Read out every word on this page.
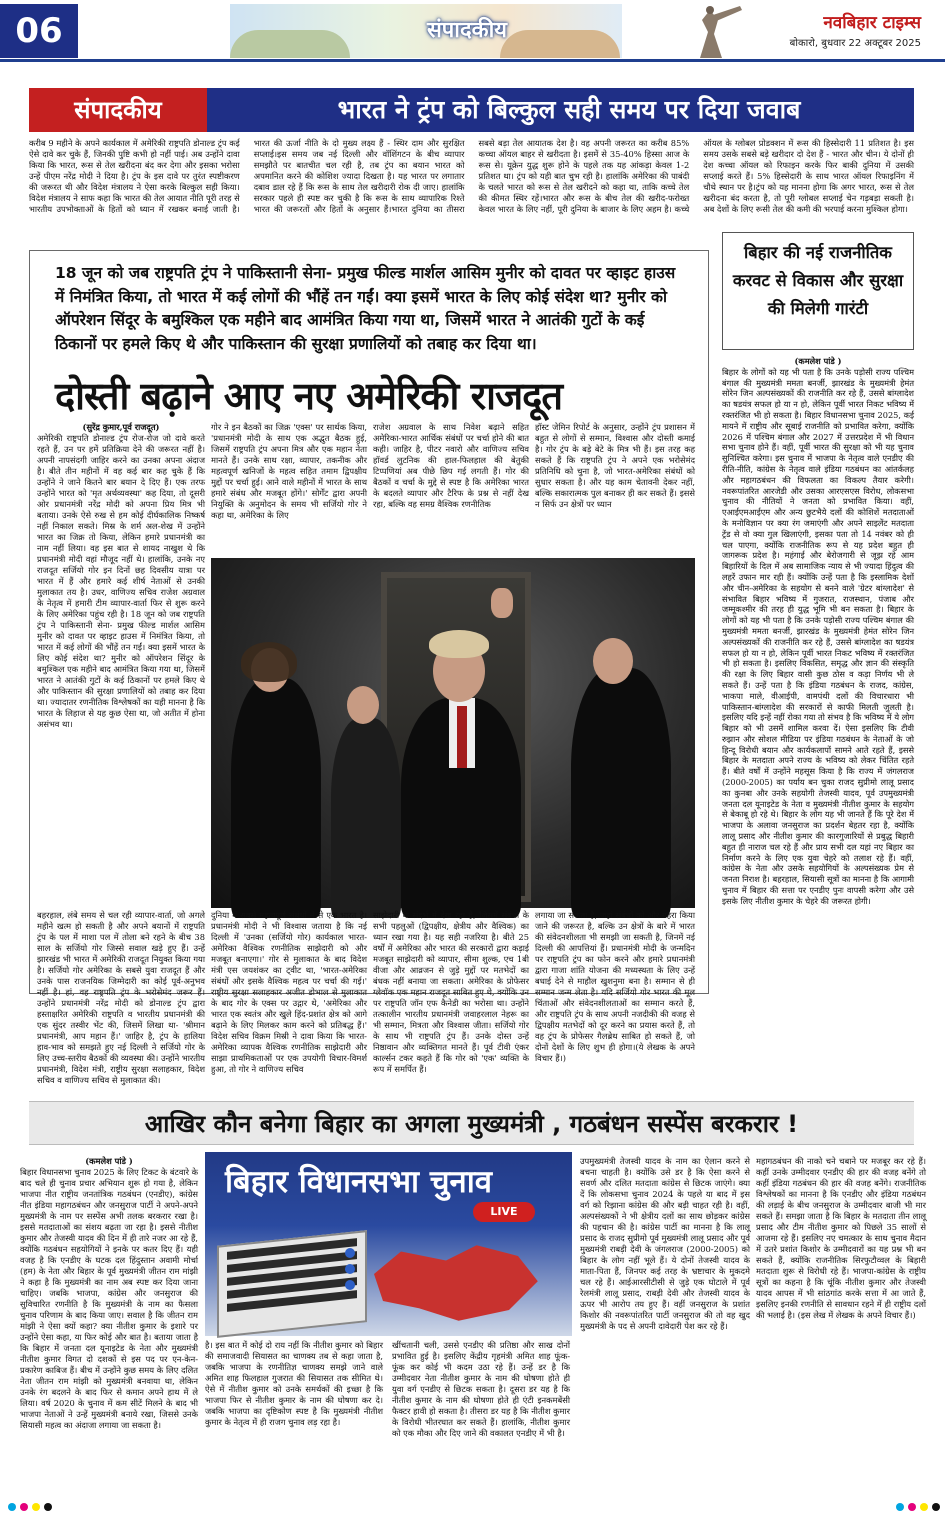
06	संपादकीय	नवबिहार टाइम्स
बोकारो, बुधवार 22 अक्टूबर 2025
संपादकीय	भारत ने ट्रंप को बिल्कुल सही समय पर दिया जवाब
करीब 9 महीने के अपने कार्यकाल में अमेरिकी राष्ट्रपति डोनाल्ड ट्रंप कई ऐसे दावे कर चुके हैं, जिनकी पुष्टि कभी हो नहीं पाई। अब उन्होंने दावा किया कि भारत, रूस से तेल खरीदना बंद कर देगा और इसका भरोसा उन्हें पीएम नरेंद्र मोदी ने दिया है। ट्रंप के इस दावे पर तुरंत स्पष्टीकरण की जरूरत थी और विदेश मंत्रालय ने ऐसा करके बिल्कुल सही किया।विदेश मंत्रालय ने साफ कहा कि भारत की तेल आयात नीति पूरी तरह से भारतीय उपभोक्ताओं के हितों को ध्यान में रखकर बनाई जाती है। भारत की ऊर्जा नीति के दो मुख्य लक्ष्य हैं - स्थिर दाम और सुरक्षित सप्लाई।इस समय जब नई दिल्ली और वॉशिंगटन के बीच व्यापार समझौते पर बातचीत चल रही है, तब ट्रंप का बयान भारत को अपमानित करने की कोशिश ज्यादा दिखता है। यह भारत पर लगातार दबाव डाल रहे हैं कि रूस के साथ तेल खरीदारी रोक दी जाए। हालांकि सरकार पहले ही स्पष्ट कर चुकी है कि रूस के साथ व्यापारिक रिश्ते भारत की जरूरतों और हितों के अनुसार हैं।भारत दुनिया का तीसरा सबसे बड़ा तेल आयातक देश है। वह अपनी जरूरत का करीब 85% कच्चा ऑयल बाहर से खरीदता है। इसमें से 35-40% हिस्सा आज के रूस से। यूक्रेन युद्ध शुरू होने के पहले तक यह आंकड़ा केवल 1-2 प्रतिशत था। ट्रंप को यही बात चुभ रही है। हालांकि अमेरिका की पाबंदी के चलते भारत को रूस से तेल खरीदने को कहा था, ताकि कच्चे तेल की कीमत स्थिर रहें।भारत और रूस के बीच तेल की खरीद-फरोख्त केवल भारत के लिए नहीं, पूरी दुनिया के बाजार के लिए अहम है। कच्चे ऑयल के ग्लोबल प्रोडक्शन में रूस की हिस्सेदारी 11 प्रतिशत है। इस समय उसके सबसे बड़े खरीदार दो देश हैं - भारत और चीन। ये दोनों ही देश कच्चा ऑयल को रिफाइन करके फिर बाकी दुनिया में उसकी सप्लाई करते हैं। 5% हिस्सेदारी के साथ भारत ऑयल रिफाइनिंग में चौथे स्थान पर है।ट्रंप को यह मानना होगा कि अगर भारत, रूस से तेल खरीदना बंद करता है, तो पूरी ग्लोबल सप्लाई चेन गड़बड़ा सकती है। अब देशों के लिए रूसी तेल की कमी की भरपाई करना मुश्किल होगा।
18 जून को जब राष्ट्रपति ट्रंप ने पाकिस्तानी सेना- प्रमुख फील्ड मार्शल आसिम मुनीर को दावत पर व्हाइट हाउस में निमंत्रित किया, तो भारत में कई लोगों की भौंहें तन गईं। क्या इसमें भारत के लिए कोई संदेश था? मुनीर को ऑपरेशन सिंदूर के बमुश्किल एक महीने बाद आमंत्रित किया गया था, जिसमें भारत ने आतंकी गुटों के कई ठिकानों पर हमले किए थे और पाकिस्तान की सुरक्षा प्रणालियों को तबाह कर दिया था।
दोस्ती बढ़ाने आए नए अमेरिकी राजदूत
(सुरेंद्र कुमार,पूर्व राजदूत)
अमेरिकी राष्ट्रपति डोनाल्ड ट्रंप रोज-रोज जो दावे करते रहते हैं, उन पर हमें प्रतिक्रिया देने की जरूरत नहीं है। अपनी नापसंदगी जाहिर करने का उनका अपना अंदाज है। बीते तीन महीनों में वह कई बार कह चुके हैं कि उन्होंने ने जाने कितने बार बयान दे दिए हैं। एक तरफ उन्होंने भारत को 'मृत अर्थव्यवस्था' कह दिया, तो दूसरी ओर प्रधानमंत्री नरेंद्र मोदी को अपना प्रिय मित्र भी बताया। उनके ऐसे रुख से हम कोई दीर्घकालिक निष्कर्ष नहीं निकाल सकते। मिस्र के शर्म अल-शेख में उन्होंने भारत का जिक्र तो किया, लेकिन हमारे प्रधानमंत्री का नाम नहीं लिया। वह इस बात से शायद नाखुश थे कि प्रधानमंत्री मोदी वहां मौजूद नहीं थे। हालांकि, उनके नए राजदूत सर्जियो गोर इन दिनों छह दिवसीय यात्रा पर भारत में हैं और हमारे कई शीर्ष नेताओं से उनकी मुलाकात तय है। उधर, वाणिज्य सचिव राजेश अग्रवाल के नेतृत्व में हमारी टीम व्यापार-वार्ता फिर से शुरू करने के लिए अमेरिका पहुंच रही है। 18 जून को जब राष्ट्रपति ट्रंप ने पाकिस्तानी सेना- प्रमुख फील्ड मार्शल आसिम मुनीर को दावत पर व्हाइट हाउस में निमंत्रित किया, तो भारत में कई लोगों की भौंहें तन गईं। क्या इसमें भारत के लिए कोई संदेश था? मुनीर को ऑपरेशन सिंदूर के बमुश्किल एक महीने बाद आमंत्रित किया गया था, जिसमें भारत ने आतंकी गुटों के कई ठिकानों पर हमले किए थे और पाकिस्तान की सुरक्षा प्रणालियों को तबाह कर दिया था। ज्यादातर रणनीतिक विश्लेषकों का यही मानना है कि भारत के लिहाज से यह कुछ ऐसा था, जो अतीत में होना असंभव था।
गोर ने इन बैठकों का जिक्र 'एक्स' पर सार्थक किया, 'प्रधानमंत्री मोदी के साथ एक अद्भुत बैठक हुई, जिसमें राष्ट्रपति ट्रंप अपना मित्र और एक महान नेता मानते हैं। उनके साथ रक्षा, व्यापार, तकनीक और महत्वपूर्ण खनिजों के महत्व सहित तमाम द्विपक्षीय मुद्दों पर चर्चा हुई। आने वाले महीनों में भारत के साथ हमारे संबंध और मजबूत होंगे।' सोर्गेंट द्वारा अपनी नियुक्ति के अनुमोदन के समय भी सर्जियो गोर ने कहा था, अमेरिका के लिए
राजेश अग्रवाल के साथ निवेश बढ़ाने सहित अमेरिका-भारत आर्थिक संबंधों पर चर्चा होने की बात कही। जाहिर है, पीटर नवारो और वाणिज्य सचिव हॉवर्ड लुटनिक की हाल-फिलहाल की बेतुकी टिप्पणियां अब पीछे छिप गई लगती हैं। गोर की बैठकों व चर्चा के मुद्दे से स्पष्ट है कि अमेरिका भारत के बदलते व्यापार और टैरिफ के प्रश्न से नहीं देख रहा, बल्कि वह समग्र वैश्विक रणनीतिक
हॉस्ट जेमिन रिपोर्ट के अनुसार, उन्होंने ट्रंप प्रशासन में बहुत से लोगों से सम्मान, विश्वास और दोस्ती कमाई है। गोर ट्रंप के बड़े बेटे के मित्र भी हैं। इस तरह कह सकते हैं कि राष्ट्रपति ट्रंप ने अपने एक भरोसेमंद प्रतिनिधि को चुना है, जो भारत-अमेरिका संबंधों को सुधार सकता है। और यह काम चेतावनी देकर नहीं, बल्कि सकारात्मक पुल बनाकर ही कर सकते हैं। इससे न सिर्फ उन क्षेत्रों पर ध्यान
बहरहाल, लंबे समय से चल रही व्यापार-वार्ता, जो अगले महीने खत्म हो सकती है और अपने बयानों में राष्ट्रपति ट्रंप के पल में माशा पल में तोला बने रहने के बीच 38 साल के सर्जियो गोर जिस्से सवाल खड़े हुए हैं। उन्हें झारखंड भी भारत में अमेरिकी राजदूत नियुक्त किया गया है। सर्जियो गोर अमेरिका के सबसे युवा राजदूत हैं और उनके पास राजनयिक जिम्मेदारी का कोई पूर्व-अनुभव नहीं है। हां, वह राष्ट्रपति ट्रंप के भरोसेमंद जरूर हैं। उन्होंने प्रधानमंत्री नरेंद्र मोदी को डोनाल्ड ट्रंप द्वारा हस्ताक्षरित अमेरिकी राष्ट्रपति व भारतीय प्रधानमंत्री की एक सुंदर तस्वीर भेंट की, जिसमें लिखा था- 'श्रीमान प्रधानमंत्री, आप महान हैं।' जाहिर है, ट्रंप के हालिया हाव-भाव को समझते हुए नई दिल्ली ने सर्जियो गोर के लिए उच्च-स्तरीय बैठकों की व्यवस्था की। उन्होंने भारतीय प्रधानमंत्री, विदेश मंत्री, राष्ट्रीय सुरक्षा सलाहकार, विदेश सचिव व वाणिज्य सचिव से मुलाकात की।
दुनिया में सबसे महत्वपूर्ण संबंधों में से एक भारत है। प्रधानमंत्री मोदी ने भी विश्वास जताया है कि नई दिल्ली में 'उनका (सर्जियो गोर) कार्यकाल भारत-अमेरिका वैश्विक रणनीतिक साझेदारी को और मजबूत बनाएगा।' गोर से मुलाकात के बाद विदेश मंत्री एस जयशंकर का ट्वीट था, 'भारत-अमेरिका संबंधों और इसके वैश्विक महत्व पर चर्चा की गई।' राष्ट्रीय सुरक्षा सलाहकार अजीत डोभाल से मुलाकात के बाद गोर के एक्स पर उद्गार थे, 'अमेरिका और भारत एक स्वतंत्र और खुले हिंद-प्रशांत क्षेत्र को आगे बढ़ाने के लिए मिलकर काम करने को प्रतिबद्ध हैं।' विदेश सचिव विक्रम मिस्री ने दावा किया कि भारत-अमेरिका व्यापक वैश्विक रणनीतिक साझेदारी और साझा प्राथमिकताओं पर एक उपयोगी विचार-विमर्श हुआ, तो गोर ने वाणिज्य सचिव
साझेदारी के संदर्भ में देख रहा है, जिसमें संबंधों के सभी पहलुओं (द्विपक्षीय, क्षेत्रीय और वैश्विक) का ध्यान रखा गया है। यह सही नजरिया है। बीते 25 वर्षों में अमेरिका और भारत की सरकारों द्वारा कड़ाई मजबूत साझेदारी को व्यापार, सीमा शुल्क, एच 1बी वीजा और आव्रजन से जुड़े मुद्दों पर मतभेदों का बंधक नहीं बनाया जा सकता। अमेरिका के प्रोफेसर ग्लेवॉक एक महान राजदूत साबित हुए थे, क्योंकि उन पर राष्ट्रपति जॉन एफ कैनेडी का भरोसा था। उन्होंने तत्कालीन भारतीय प्रधानमंत्री जवाहरलाल नेहरू का भी सम्मान, मित्रता और विश्वास जीता। सर्जियो गोर के साथ भी राष्ट्रपति ट्रंप हैं। उनके दोस्त उन्हें निष्ठावान और व्यक्तिगत मानते हैं। पूर्व टीवी एंकर कार्ल्सन टकर कहते हैं कि गोर को 'एक' व्यक्ति के रूप में समर्पित हैं।
लगाया जा सकता है, जहां संबंधों को और गहरा किया जाने की जरूरत है, बल्कि उन क्षेत्रों के बारे में भारत की संवेदनशीलता भी समझी जा सकती है, जिनमें नई दिल्ली की आपत्तियां हैं। प्रधानमंत्री मोदी के जन्मदिन पर राष्ट्रपति ट्रंप का फोन करने और हमारे प्रधानमंत्री द्वारा गाजा शांति योजना की मध्यस्थता के लिए उन्हें बधाई देने से माहौल खुशनुमा बना है। सम्मान से ही सम्मान जन्म लेता है। यदि सर्जियो गोर भारत की मूल चिंताओं और संवेदनशीलताओं का सम्मान करते हैं, और राष्ट्रपति ट्रंप के साथ अपनी नजदीकी की वजह से द्विपक्षीय मतभेदों को दूर करने का प्रयास करते हैं, तो वह ट्रंप के प्रोफेसर गैलब्रेथ साबित हो सकते हैं, जो दोनों देशों के लिए शुभ ही होगा।(ये लेखक के अपने विचार हैं।)
बिहार की नई राजनीतिक करवट से विकास और सुरक्षा की मिलेगी गारंटी
(कमलेश पांडे )
बिहार के लोगों को यह भी पता है कि उनके पड़ोसी राज्य पश्चिम बंगाल की मुख्यमंत्री ममता बनर्जी, झारखंड के मुख्यमंत्री हेमंत सोरेन जिन अल्पसंख्यकों की राजनीति कर रहे हैं, उससे बांग्लादेश का षडयंत्र सफल हो या न हो, लेकिन पूर्वी भारत निकट भविष्य में रक्तरंजित भी हो सकता है। बिहार विधानसभा चुनाव 2025, कई मायने में राष्ट्रीय और सूबाई राजनीति को प्रभावित करेगा, क्योंकि 2026 में पश्चिम बंगाल और 2027 में उत्तरप्रदेश में भी विधान सभा चुनाव होने हैं। वहीं, पूर्वी भारत की सुरक्षा को भी यह चुनाव सुनिश्चित करेगा। इस चुनाव में भाजपा के नेतृत्व वाले एनडीए की रीति-नीति, कांग्रेस के नेतृत्व वाले इंडिया गठबंधन का आंतर्कलह और महागठबंधन की विफलता का विकल्प तैयार करेगी। नवरूपांतरित आरजेडी और उसका आरएसएस विरोध, लोकसभा चुनाव की नीतियों ने जनता को प्रभावित किया। वहीं, एआईएमआईएम और अन्य छुटभैये दलों की कोशिशें मतदाताओं के मनोविज्ञान पर क्या रंग जमाएंगी और अपने साइलेंट मतदाता ट्रेंड से वो क्या गुल खिलाएंगी, इसका पता तो 14 नवंबर को ही चल पाएगा, क्योंकि राजनीतिक रूप से यह प्रदेश बहुत ही जागरूक प्रदेश है। महंगाई और बेरोजगारी से जूझ रहे आम बिहारियों के दिल में अब सामाजिक न्याय से भी ज्यादा हिंदुत्व की लहरें उफान मार रही हैं। क्योंकि उन्हें पता है कि इस्लामिक देशों और चीन-अमेरिका के सहयोग से बनने वाले 'ग्रेटर बांग्लादेश' से संभावित बिहार भविष्य में गुजरात, राजस्थान, पंजाब और जम्मूकश्मीर की तरह ही युद्ध भूमि भी बन सकता है। बिहार के लोगों को यह भी पता है कि उनके पड़ोसी राज्य पश्चिम बंगाल की मुख्यमंत्री ममता बनर्जी, झारखंड के मुख्यमंत्री हेमंत सोरेन जिन अल्पसंख्यकों की राजनीति कर रहे हैं, उससे बांग्लादेश का षडयंत्र सफल हो या न हो, लेकिन पूर्वी भारत निकट भविष्य में रक्तरंजित भी हो सकता है। इसलिए विकसित, समृद्ध और ज्ञान की संस्कृति की रक्षा के लिए बिहार वासी कुछ ठोस व कड़ा निर्णय भी ले सकते हैं। उन्हें पता है कि इंडिया गठबंधन के राजद, कांग्रेस, भाकपा माले, वीआईपी, वामपंथी दलों की विचारधारा भी पाकिस्तान-बांग्लादेश की सरकारों से काफी मिलती जुलती है। इसलिए यदि इन्हें नहीं रोका गया तो संभव है कि भविष्य में ये लोग बिहार को भी उसमें शामिल करवा दें। ऐसा इसलिए कि टीवी रुझान और सोशल मीडिया पर इंडिया गठबंधन के नेताओं के जो हिन्दू विरोधी बयान और कार्यकलापों सामने आते रहते हैं, इससे बिहार के मतदाता अपने राज्य के भविष्य को लेकर चिंतित रहते हैं। बीते वर्षों में उन्होंने महसूस किया है कि राज्य में जंगलराज (2000-2005) का पर्याय बन चुका राजद सुप्रीमो लालू प्रसाद का कुनबा और उनके सहयोगी तेजस्वी यादव, पूर्व उपमुख्यमंत्री जनता दल यूनाइटेड के नेता व मुख्यमंत्री नीतीश कुमार के सहयोग से बेकाबू हो रहे थे। बिहार के लोग यह भी जानते हैं कि पूरे देश में भाजपा के अलावा जनसुराज का प्रदर्शन बेहतर रहा है, क्योंकि लालू प्रसाद और नीतीश कुमार की कारगुजारियों से प्रबुद्ध बिहारी बहुत ही नाराज चल रहे हैं और प्राय सभी दल यहां नए बिहार का निर्माण करने के लिए एक युवा चेहरे को तलाश रहे हैं। वहीं, कांग्रेस के नेता और उसके सहयोगियों के अल्पसंख्यक प्रेम से जनता निराश है। बहरहाल, सियासी सूत्रों का मानना है कि आगामी चुनाव में बिहार की सत्ता पर एनडीए पुनः वापसी करेगा और उसे इसके लिए नीतीश कुमार के चेहरे की जरूरत होगी।
आखिर कौन बनेगा बिहार का अगला मुख्यमंत्री , गठबंधन सस्पेंस बरकरार !
(कमलेश पांडे )
बिहार विधानसभा चुनाव 2025 के लिए टिकट के बंटवारे के बाद चले ही चुनाव प्रचार अभियान शुरू हो गया है, लेकिन भाजपा नीत राष्ट्रीय जनतांत्रिक गठबंधन (एनडीए), कांग्रेस नीत इंडिया महागठबंधन और जनसुराज पार्टी ने अपने-अपने मुख्यमंत्री के नाम पर सस्पेंस अभी तलक बरकरार रखा है। इससे मतदाताओं का संशय बढ़ता जा रहा है। इससे नीतीश कुमार और तेजस्वी यादव की दिन में ही तारे नजर आ रहे हैं, क्योंकि गठबंधन सहयोगियों ने इनके पर कतर दिए हैं। यही वजह है कि एनडीए के घटक दल हिंदुस्तान अवामी मोर्चा (हम) के नेता और बिहार के पूर्व मुख्यमंत्री जीतन राम मांझी ने कहा है कि मुख्यमंत्री का नाम अब स्पष्ट कर दिया जाना चाहिए। जबकि भाजपा, कांग्रेस और जनसुराज की सुविचारित रणनीति है कि मुख्यमंत्री के नाम का फैसला चुनाव परिणाम के बाद किया जाए। सवाल है कि जीतन राम मांझी ने ऐसा क्यों कहा? क्या नीतीश कुमार के इशारे पर उन्होंने ऐसा कहा, या फिर कोई और बात है। बताया जाता है कि बिहार में जनता दल यूनाइटेड के नेता और मुख्यमंत्री नीतीश कुमार विगत दो दशकों से इस पद पर एन-केन-प्रकारेण काबिज हैं। बीच में उन्होंने कुछ समय के लिए दलित नेता जीतन राम मांझी को मुख्यमंत्री बनवाया था, लेकिन उनके रंग बदलने के बाद फिर से कमान अपने हाथ में ले लिया। वर्ष 2020 के चुनाव में कम सीटें मिलने के बाद भी भाजपा नेताओं ने उन्हें मुख्यमंत्री बनाये रखा, जिससे उनके सियासी महत्व का अंदाजा लगाया जा सकता है।
बिहार विधानसभा चुनाव
LIVE
है। इस बात में कोई दो राय नहीं कि नीतीश कुमार को बिहार की समाजवादी सियासत का चाणक्य तब से कहा जाता है, जबकि भाजपा के रणनीतिज्ञ चाणक्य समझे जाने वाले अमित शाह फिलहाल गुजरात की सियासत तक सीमित थे। ऐसे में नीतीश कुमार को उनके समर्थकों की इच्छा है कि भाजपा फिर से नीतीश कुमार के नाम की घोषणा कर दे। जबकि भाजपा का दृष्टिकोण स्पष्ट है कि मुख्यमंत्री नीतीश कुमार के नेतृत्व में ही राजग चुनाव लड़ रहा है।
खींचतानी चली, उससे एनडीए की प्रतिष्ठा और साख दोनों प्रभावित हुई है। इसलिए केंद्रीय गृहमंत्री अमित शाह फूंक-फूंक कर कोई भी कदम उठा रहे हैं। उन्हें डर है कि उम्मीदवार नेता नीतीश कुमार के नाम की घोषणा होते ही युवा वर्ग एनडीए से छिटक सकता है। दूसरा डर यह है कि नीतीश कुमार के नाम की घोषणा होते ही एंटी इनकमबेंसी फैक्टर हावी हो सकता है। तीसरा डर यह है कि नीतीश कुमार के विरोधी भीतरघात कर सकते हैं। हालांकि, नीतीश कुमार को एक मौका और दिए जाने की वकालत एनडीए में भी है।
उपमुख्यमंत्री तेजस्वी यादव के नाम का ऐलान करने से बचना चाहती है। क्योंकि उसे डर है कि ऐसा करने से सवर्ण और दलित मतदाता कांग्रेस से छिटक जाएंगे। क्या दें कि लोकसभा चुनाव 2024 के पहले या बाद में इस वर्ग को रिझाना कांग्रेस की और बड़ी चाहत रही है। वहीं, अल्पसंख्यकों ने भी क्षेत्रीय दलों का साथ छोड़कर कांग्रेस की पहचान की है। कांग्रेस पार्टी का मानना है कि लालू प्रसाद के राजद सुप्रीमो पूर्व मुख्यमंत्री लालू प्रसाद और पूर्व मुख्यमंत्री राबड़ी देवी के जंगलराज (2000-2005) को बिहार के लोग नहीं भूले हैं। ये दोनों तेजस्वी यादव के माता-पिता हैं, जिनपर कई तरह के भ्रष्टाचार के मुकदमे चल रहे हैं। आईआरसीटीसी से जुड़े एक घोटाले में पूर्व रेलमंत्री लालू प्रसाद, राबड़ी देवी और तेजस्वी यादव के ऊपर भी आरोप तय हुए हैं। वहीं जनसुराज के प्रशांत किशोर की नवरूपांतरित पार्टी जनसुराज की तो वह खुद मुख्यमंत्री के पद से अपनी दावेदारी पेश कर रहे हैं।
महागठबंधन की नाको चने चबाने पर मजबूर कर रहे हैं। कहीं उनके उम्मीदवार एनडीए की हार की वजह बनेंगे तो कहीं इंडिया गठबंधन की हार की वजह बनेंगे। राजनीतिक विश्लेषकों का मानना है कि एनडीए और इंडिया गठबंधन की लड़ाई के बीच जनसुराज के उम्मीदवार बाजी भी मार सकते हैं। समझा जाता है कि बिहार के मतदाता तीन लालू प्रसाद और टीम नीतीश कुमार को पिछले 35 सालों से आजमा रहे हैं। इसलिए नए चमत्कार के साथ चुनाव मैदान में उतरे प्रशांत किशोर के उम्मीदवारों का यह प्रश्न भी बन सकते हैं, क्योंकि राजनीतिक सिरफुटौव्वल के बिहारी मतदाता शुरू से विरोधी रहे हैं। भाजपा-कांग्रेस के राष्ट्रीय सूत्रों का कहना है कि चूंकि नीतीश कुमार और तेजस्वी यादव आपस में भी सांठगांठ करके सत्ता में आ जाते हैं, इसलिए इनकी रणनीति से सावधान रहने में ही राष्ट्रीय दलों की भलाई है। (इस लेख में लेखक के अपने विचार हैं।)
